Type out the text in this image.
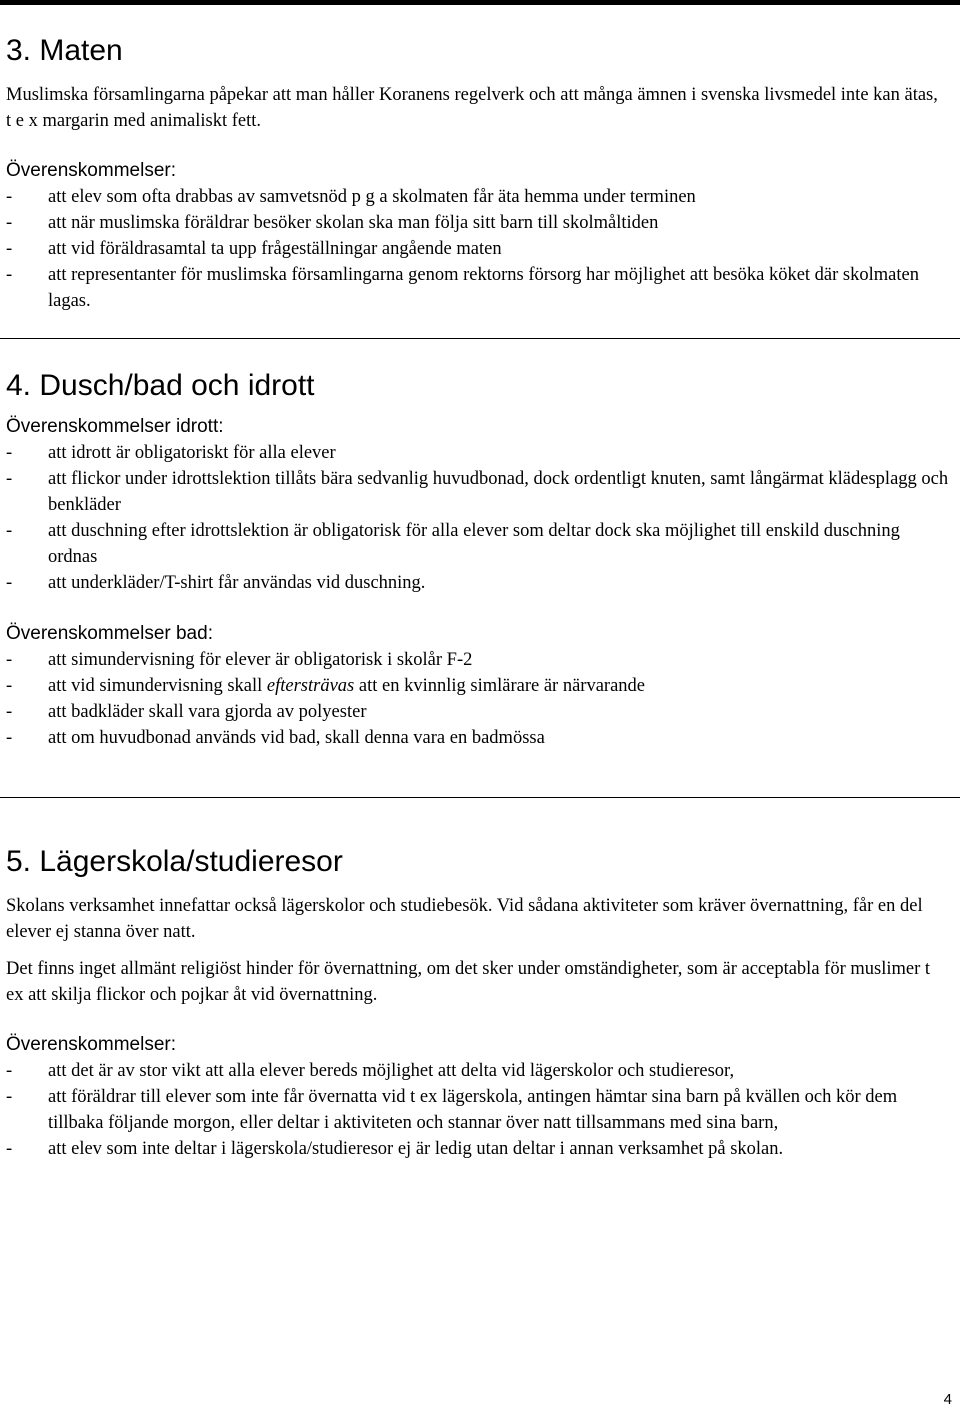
3. Maten

Muslimska församlingarna påpekar att man håller Koranens regelverk och att många ämnen i svenska livsmedel inte kan ätas, t e x margarin med animaliskt fett.

Överenskommelser:
- att elev som ofta drabbas av samvetsnöd p g a skolmaten får äta hemma under terminen
- att när muslimska föräldrar besöker skolan ska man följa sitt barn till skolmåltiden
- att vid föräldrasamtal ta upp frågeställningar angående maten
- att representanter för muslimska församlingarna genom rektorns försorg har möjlighet att besöka köket där skolmaten lagas.
4. Dusch/bad och idrott
Överenskommelser idrott:
- att idrott är obligatoriskt för alla elever
- att flickor under idrottslektion tillåts bära sedvanlig huvudbonad, dock ordentligt knuten, samt långärmat klädesplagg och benkläder
- att duschning efter idrottslektion är obligatorisk för alla elever som deltar dock ska möjlighet till enskild duschning ordnas
- att underkläder/T-shirt får användas vid duschning.
Överenskommelser bad:
- att simundervisning för elever är obligatorisk i skolår F-2
- att vid simundervisning skall eftersträvas att en kvinnlig simlärare är närvarande
- att badkläder skall vara gjorda av polyester
- att om huvudbonad används vid bad, skall denna vara en badmössa
5. Lägerskola/studieresor

Skolans verksamhet innefattar också lägerskolor och studiebesök. Vid sådana aktiviteter som kräver övernattning, får en del elever ej stanna över natt.

Det finns inget allmänt religiöst hinder för övernattning, om det sker under omständigheter, som är acceptabla för muslimer t ex att skilja flickor och pojkar åt vid övernattning.

Överenskommelser:
- att det är av stor vikt att alla elever bereds möjlighet att delta vid lägerskolor och studieresor,
- att föräldrar till elever som inte får övernatta vid t ex lägerskola, antingen hämtar sina barn på kvällen och kör dem tillbaka följande morgon, eller deltar i aktiviteten och stannar över natt tillsammans med sina barn,
- att elev som inte deltar i lägerskola/studieresor ej är ledig utan deltar i annan verksamhet på skolan.
4
